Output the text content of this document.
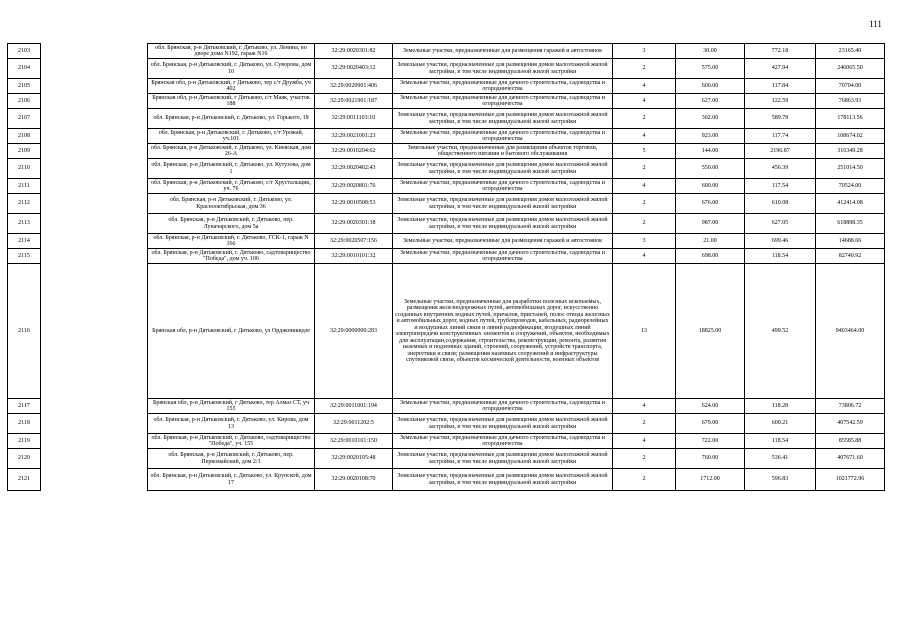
111
2103		обл. Брянская, р-н Дятьковский, г. Дятьково, ул. Ленина, во дворе дома N192, гараж N16	32:29:0020301:82	Земельные участки, предназначенные для размещения гаражей и автостоянок	3	30.00	772.18	23165.40
2104		обл. Брянская, р-н Дятьковский, г. Дятьково, ул. Суворова, дом 10	32:29:0020403:12	Земельные участки, предназначенные для размещения домов малоэтажной жилой застройки, в том числе индивидуальной жилой застройки	2	575.00	427.94	246065.50
2105		Брянская обл, р-н Дятьковский, г Дятьково, тер с/т Дружба, уч 402	32:29:0020901:406	Земельные участки, предназначенные для дачного строительства, садоводства и огородничества	4	600.00	117.84	70704.00
2106		Брянская обл, р-н Дятьковский, г Дятьково, с/т Маяк, участок 188	32:29:0021901:187	Земельные участки, предназначенные для дачного строительства, садоводства и огородничества	4	627.00	122.59	76863.93
2107		обл. Брянская, р-н Дятьковский, г. Дятьково, ул. Горького, 18	32:29:0011103:10	Земельные участки, предназначенные для размещения домов малоэтажной жилой застройки, в том числе индивидуальной жилой застройки	2	302.00	589.78	178113.56
2108		обл. Брянская, р-н Дятьковский, г. Дятьково, с/т Урожай, уч.101	32:29:0021001:23	Земельные участки, предназначенные для дачного строительства, садоводства и огородничества	4	923.00	117.74	108674.02
2109		обл. Брянская, р-н Дятьковский, г. Дятьково, ул. Киевская, дом 26-А	32:29:0010204:62	Земельные участки, предназначенные для размещения объектов торговли, общественного питания и бытового обслуживания	5	144.00	2196.87	316349.28
2110		обл. Брянская, р-н Дятьковский, г. Дятьково, ул. Кутузова, дом 1	32:29:0020402:43	Земельные участки, предназначенные для размещения домов малоэтажной жилой застройки, в том числе индивидуальной жилой застройки	2	550.00	456.39	251014.50
2111		обл. Брянская, р-н Дятьковский, г. Дятьково, с/т Хрустальщик, уч. 76	32:29:0020801:76	Земельные участки, предназначенные для дачного строительства, садоводства и огородничества	4	600.00	117.54	70524.00
2112		обл. Брянская, р-н Дятьковский, г. Дятьково, ул. Краснооктябрьская, дом 36	32:29:0010508:53	Земельные участки, предназначенные для размещения домов малоэтажной жилой застройки, в том числе индивидуальной жилой застройки	2	676.00	610.08	412414.08
2113		обл. Брянская, р-н Дятьковский, г. Дятьково, пер. Луначарского, дом 5а	32:29:0020301:38	Земельные участки, предназначенные для размещения домов малоэтажной жилой застройки, в том числе индивидуальной жилой застройки	2	987.00	627.05	618898.35
2114		обл. Брянская, р-н Дятьковский, г. Дятьково, ГСК-1, гараж N 166	32:29:0020507:156	Земельные участки, предназначенные для размещения гаражей и автостоянок	3	21.00	699.46	14688.66
2115		обл. Брянская, р-н Дятьковский, г. Дятьково, садтоварищество "Победа", дом уч. 106	32:29:0010101:32	Земельные участки, предназначенные для дачного строительства, садоводства и огородничества	4	698.00	118.54	82740.92
2116		Брянская обл, р-н Дятьковский, г Дятьково, ул Орджоникидзе	32:29:0000000:283	Земельные участки, предназначенные для разработки полезных ископаемых, размещения железнодорожных путей, автомобильных дорог, искусственно созданных внутренних водных путей, причалов, пристаней, полос отвода железных и автомобильных дорог, водных путей, трубопроводов, кабельных, радиорелейных и воздушных линий связи и линий радиофикации, воздушных линий электропередачи конструктивных элементов и сооружений, объектов, необходимых для эксплуатации,содержания, строительства, реконструкции, ремонта, развития наземных и подземных зданий, строений, сооружений, устройств транспорта, энергетики и связи; размещения наземных сооружений и инфраструктуры спутниковой связи, объектов космической деятельности, военных объектов	13	18825.00	499.52	9403464.00
2117		Брянская обл, р-н Дятьковский, г Дятьково, тер Алмаз СТ, уч 155	32:29:0011001:194	Земельные участки, предназначенные для дачного строительства, садоводства и огородничества	4	624.00	118.28	73806.72
2118		обл. Брянская, р-н Дятьковский, г. Дятьково, ул. Кирова, дом 13	32:29:0011202:5	Земельные участки, предназначенные для размещения домов малоэтажной жилой застройки, в том числе индивидуальной жилой застройки	2	679.00	600.21	407542.59
2119		обл. Брянская, р-н Дятьковский, г. Дятьково, садтоварищество "Победа", уч. 155	32:29:0010101:150	Земельные участки, предназначенные для дачного строительства, садоводства и огородничества	4	722.00	118.54	85585.88
2120		обл. Брянская, р-н Дятьковский, г. Дятьково, пер. Первомайский, дом 2/1	32:29:0020105:48	Земельные участки, предназначенные для размещения домов малоэтажной жилой застройки, в том числе индивидуальной жилой застройки	2	760.00	536.41	407671.60
2121		обл. Брянская, р-н Дятьковский, г. Дятьково, ул. Крупской, дом 17	32:29:0020108:70	Земельные участки, предназначенные для размещения домов малоэтажной жилой застройки, в том числе индивидуальной жилой застройки	2	1712.00	596.83	1021772.96
